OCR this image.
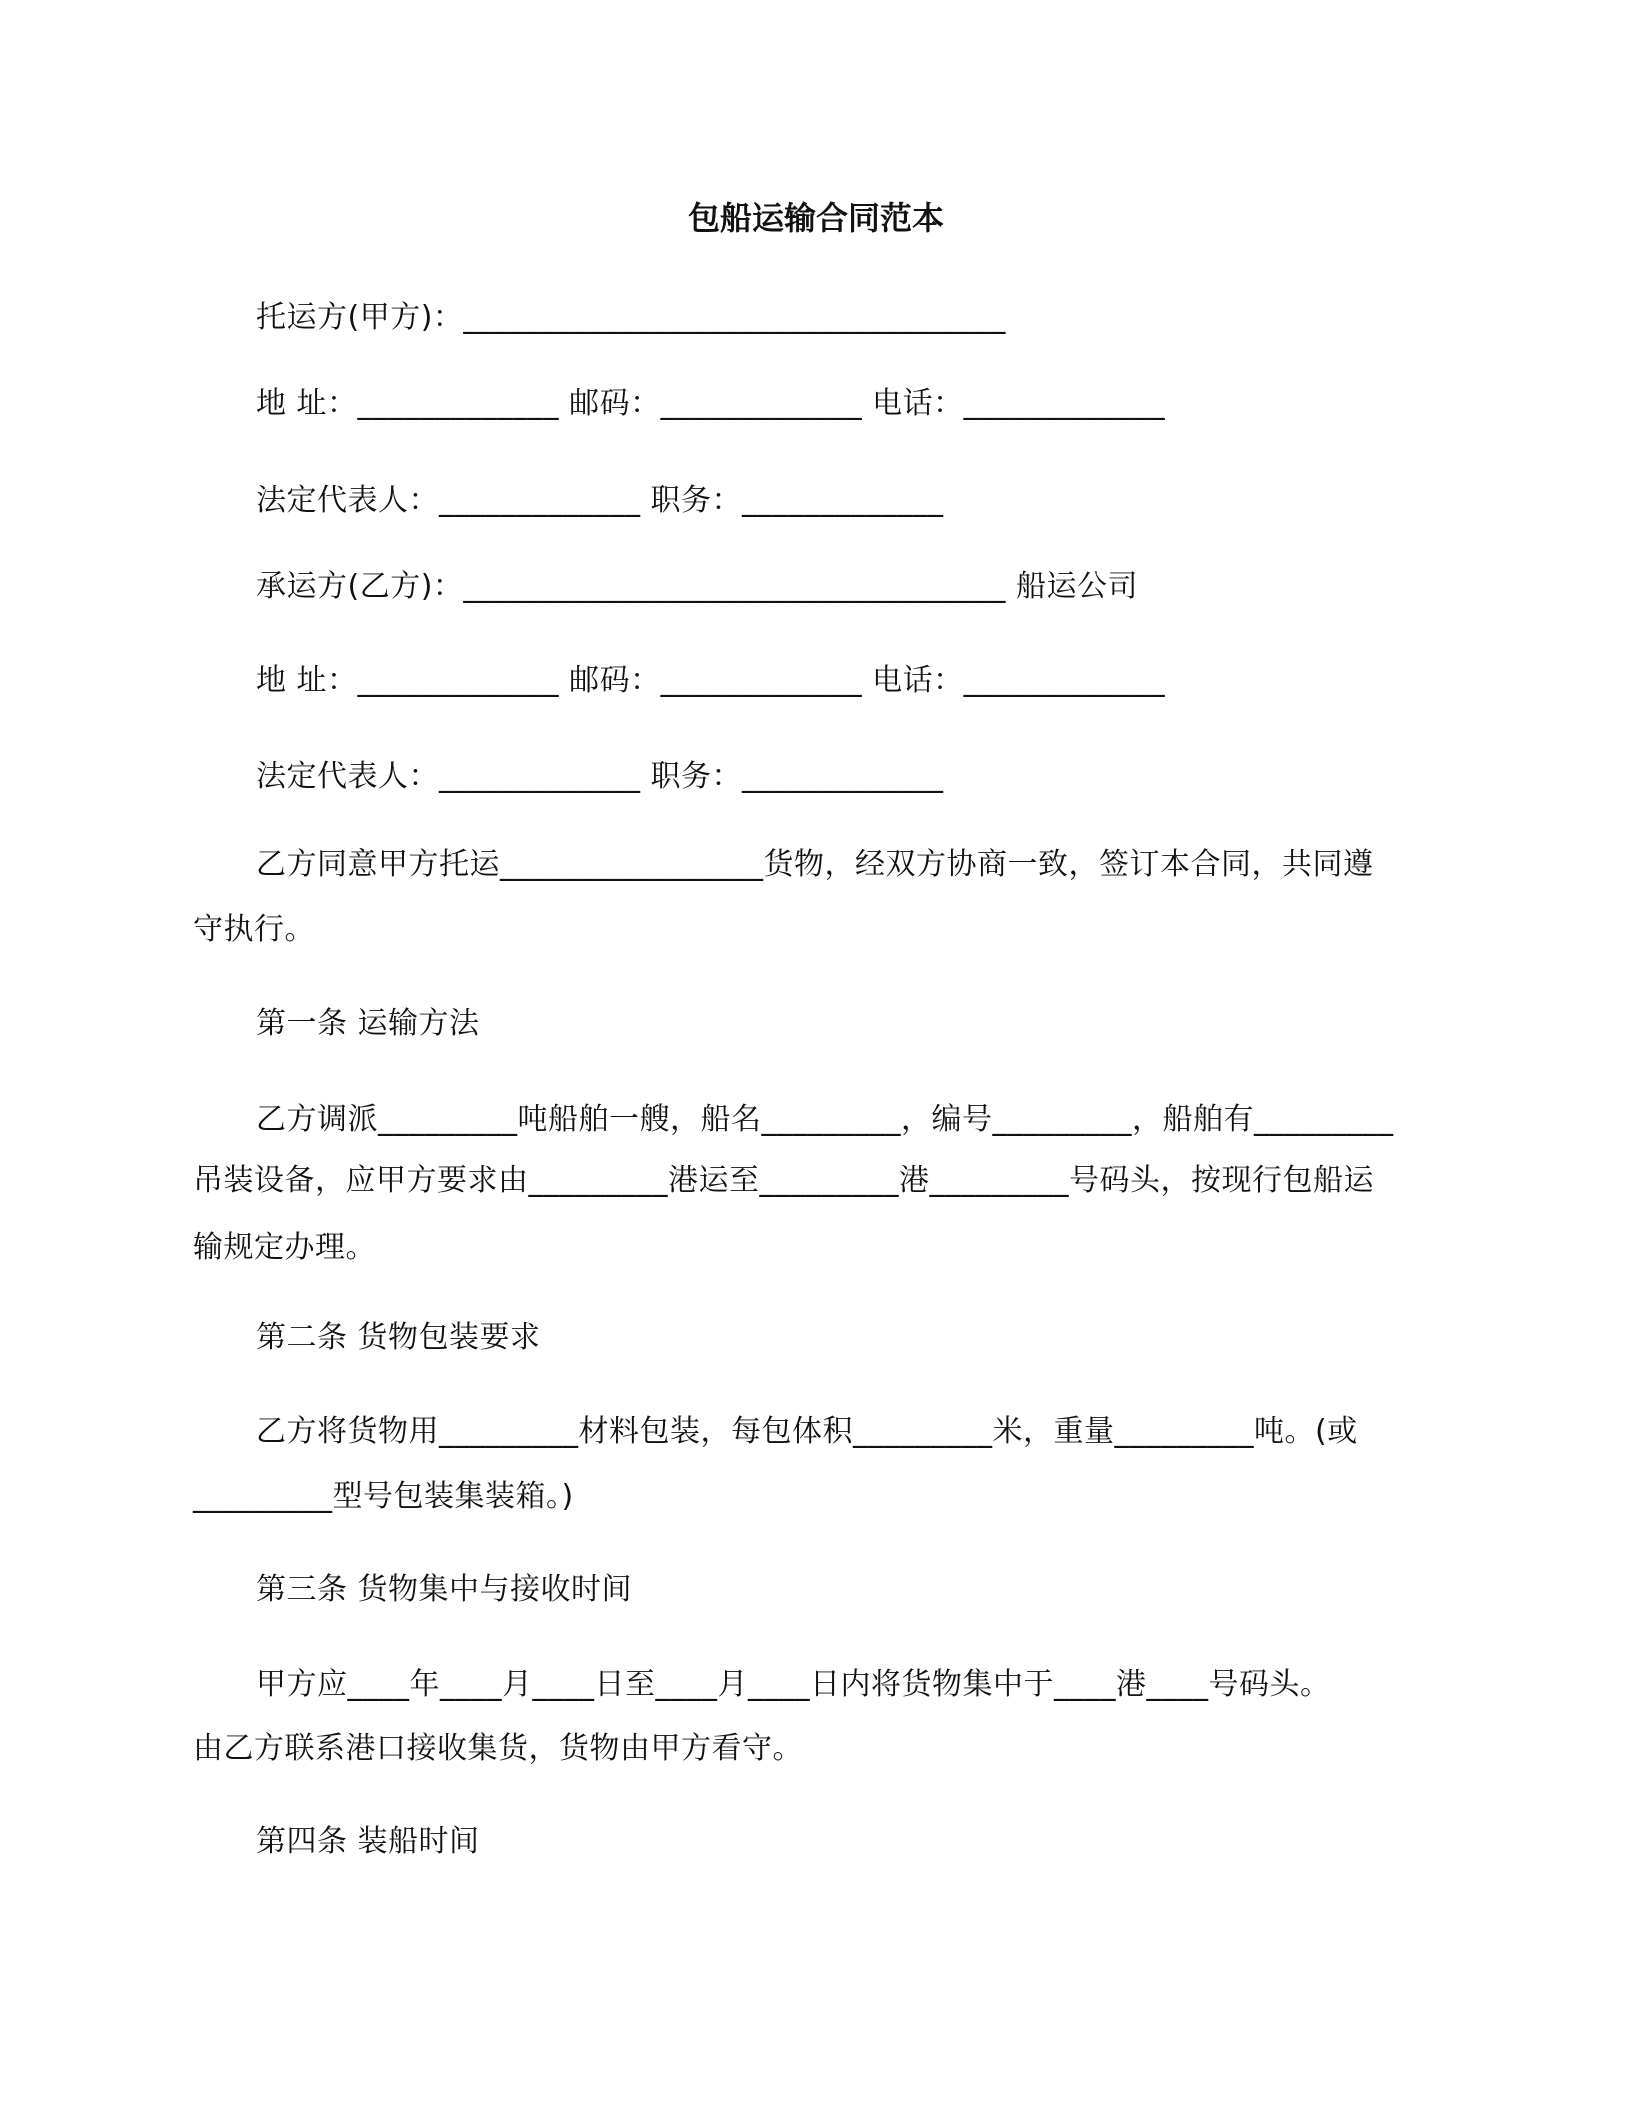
包船运输合同范本
托运方(甲方)：___________________________________
地 址：_____________ 邮码：_____________ 电话：_____________
法定代表人：_____________ 职务：_____________
承运方(乙方)：___________________________________ 船运公司
地 址：_____________ 邮码：_____________ 电话：_____________
法定代表人：_____________ 职务：_____________
乙方同意甲方托运_________________货物，经双方协商一致，签订本合同，共同遵
守执行。
第一条 运输方法
乙方调派_________吨船舶一艘，船名_________，编号_________，船舶有_________
吊装设备，应甲方要求由_________港运至_________港_________号码头，按现行包船运
输规定办理。
第二条 货物包装要求
乙方将货物用_________材料包装，每包体积_________米，重量_________吨。(或
_________型号包装集装箱。)
第三条 货物集中与接收时间
甲方应____年____月____日至____月____日内将货物集中于____港____号码头。
由乙方联系港口接收集货，货物由甲方看守。
第四条 装船时间
